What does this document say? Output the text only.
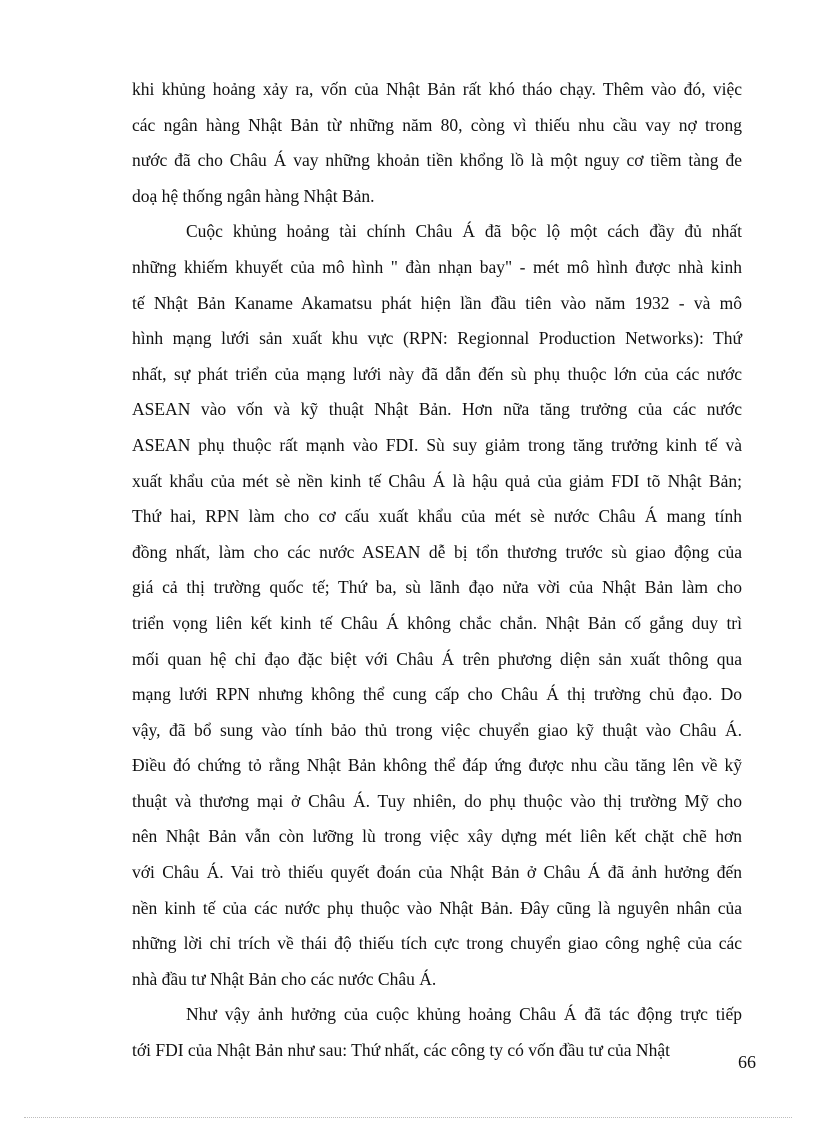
khi khủng hoảng xảy ra, vốn của Nhật Bản rất khó tháo chạy. Thêm vào đó, việc
các ngân hàng Nhật Bản từ những năm 80, còng vì thiếu nhu cầu vay nợ trong
nước đã cho Châu Á vay những khoản tiền khổng lồ là một nguy cơ tiềm tàng đe
doạ hệ thống ngân hàng Nhật Bản.
Cuộc khủng hoảng tài chính Châu Á đã bộc lộ một cách đầy đủ nhất
những khiếm khuyết của mô hình " đàn nhạn bay" - mét mô hình được nhà kinh
tế Nhật Bản Kaname Akamatsu phát hiện lần đầu tiên vào năm 1932 - và mô
hình mạng lưới sản xuất khu vực (RPN: Regionnal Production Networks): Thứ
nhất, sự phát triển của mạng lưới này đã dẫn đến sù phụ thuộc lớn của các nước
ASEAN vào vốn và kỹ thuật Nhật Bản. Hơn nữa tăng trưởng của các nước
ASEAN phụ thuộc rất mạnh vào FDI. Sù suy giảm trong tăng trưởng kinh tế và
xuất khẩu của mét sè nền kinh tế Châu Á là hậu quả của giảm FDI tõ Nhật Bản;
Thứ hai, RPN làm cho cơ cấu xuất khẩu của mét sè nước Châu Á mang tính
đồng nhất, làm cho các nước ASEAN dễ bị tổn thương trước sù giao động của
giá cả thị trường quốc tế; Thứ ba, sù lãnh đạo nửa vời của Nhật Bản làm cho
triển vọng liên kết kinh tế Châu Á không chắc chắn. Nhật Bản cố gắng duy trì
mối quan hệ chỉ đạo đặc biệt với Châu Á trên phương diện sản xuất thông qua
mạng lưới RPN nhưng không thể cung cấp cho Châu Á thị trường chủ đạo. Do
vậy, đã bổ sung vào tính bảo thủ trong việc chuyển giao kỹ thuật vào Châu Á.
Điều đó chứng tỏ rằng Nhật Bản không thể đáp ứng được nhu cầu tăng lên về kỹ
thuật và thương mại ở Châu Á. Tuy nhiên, do phụ thuộc vào thị trường Mỹ cho
nên Nhật Bản vẫn còn lưỡng lù trong việc xây dựng mét liên kết chặt chẽ hơn
với Châu Á. Vai trò thiếu quyết đoán của Nhật Bản ở Châu Á đã ảnh hưởng đến
nền kinh tế của các nước phụ thuộc vào Nhật Bản. Đây cũng là nguyên nhân của
những lời chỉ trích về thái độ thiếu tích cực trong chuyển giao công nghệ của các
nhà đầu tư Nhật Bản cho các nước Châu Á.
Như vậy ảnh hưởng của cuộc khủng hoảng Châu Á đã tác động trực tiếp
tới FDI của Nhật Bản như sau: Thứ nhất, các công ty có vốn đầu tư của Nhật
66
